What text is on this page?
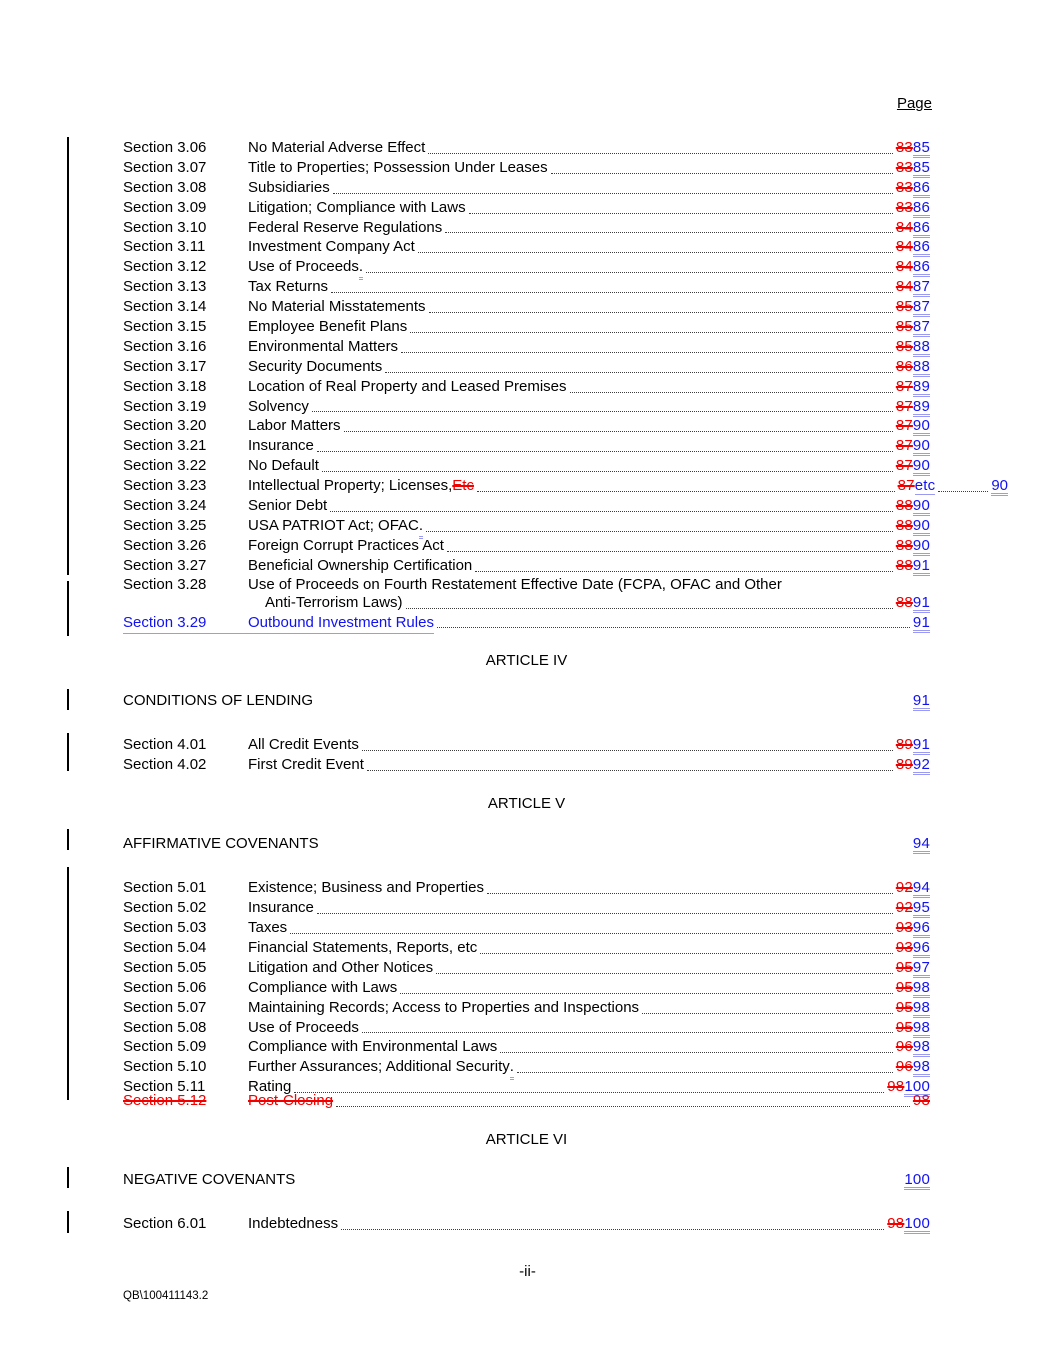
Page
Section 3.06	No Material Adverse Effect	8385
Section 3.07	Title to Properties; Possession Under Leases	8385
Section 3.08	Subsidiaries	8386
Section 3.09	Litigation; Compliance with Laws	8386
Section 3.10	Federal Reserve Regulations	8486
Section 3.11	Investment Company Act	8486
Section 3.12	Use of Proceeds .	8486
Section 3.13	Tax Returns	8487
Section 3.14	No Material Misstatements	8587
Section 3.15	Employee Benefit Plans	8587
Section 3.16	Environmental Matters	8588
Section 3.17	Security Documents	8688
Section 3.18	Location of Real Property and Leased Premises	8789
Section 3.19	Solvency	8789
Section 3.20	Labor Matters	8790
Section 3.21	Insurance	8790
Section 3.22	No Default	8790
Section 3.23	Intellectual Property; Licenses, Etc	87etc	90
Section 3.24	Senior Debt	8890
Section 3.25	USA PATRIOT Act; OFAC .	8890
Section 3.26	Foreign Corrupt Practices Act	8890
Section 3.27	Beneficial Ownership Certification	8891
Section 3.28	Use of Proceeds on Fourth Restatement Effective Date (FCPA, OFAC and Other
Anti-Terrorism Laws)	8891
Section 3.29	Outbound Investment Rules	91
ARTICLE IV
CONDITIONS OF LENDING	91
Section 4.01	All Credit Events	8991
Section 4.02	First Credit Event	8992
ARTICLE V
AFFIRMATIVE COVENANTS	94
Section 5.01	Existence; Business and Properties	9294
Section 5.02	Insurance	9295
Section 5.03	Taxes	9396
Section 5.04	Financial Statements, Reports, etc	9396
Section 5.05	Litigation and Other Notices	9597
Section 5.06	Compliance with Laws	9598
Section 5.07	Maintaining Records; Access to Properties and Inspections	9598
Section 5.08	Use of Proceeds	9598
Section 5.09	Compliance with Environmental Laws	9698
Section 5.10	Further Assurances; Additional Security .	9698
Section 5.11	Rating	98100
Section 5.12	Post-Closing	98
ARTICLE VI
NEGATIVE COVENANTS	100
Section 6.01	Indebtedness	98100
-ii-
QB\100411143.2
